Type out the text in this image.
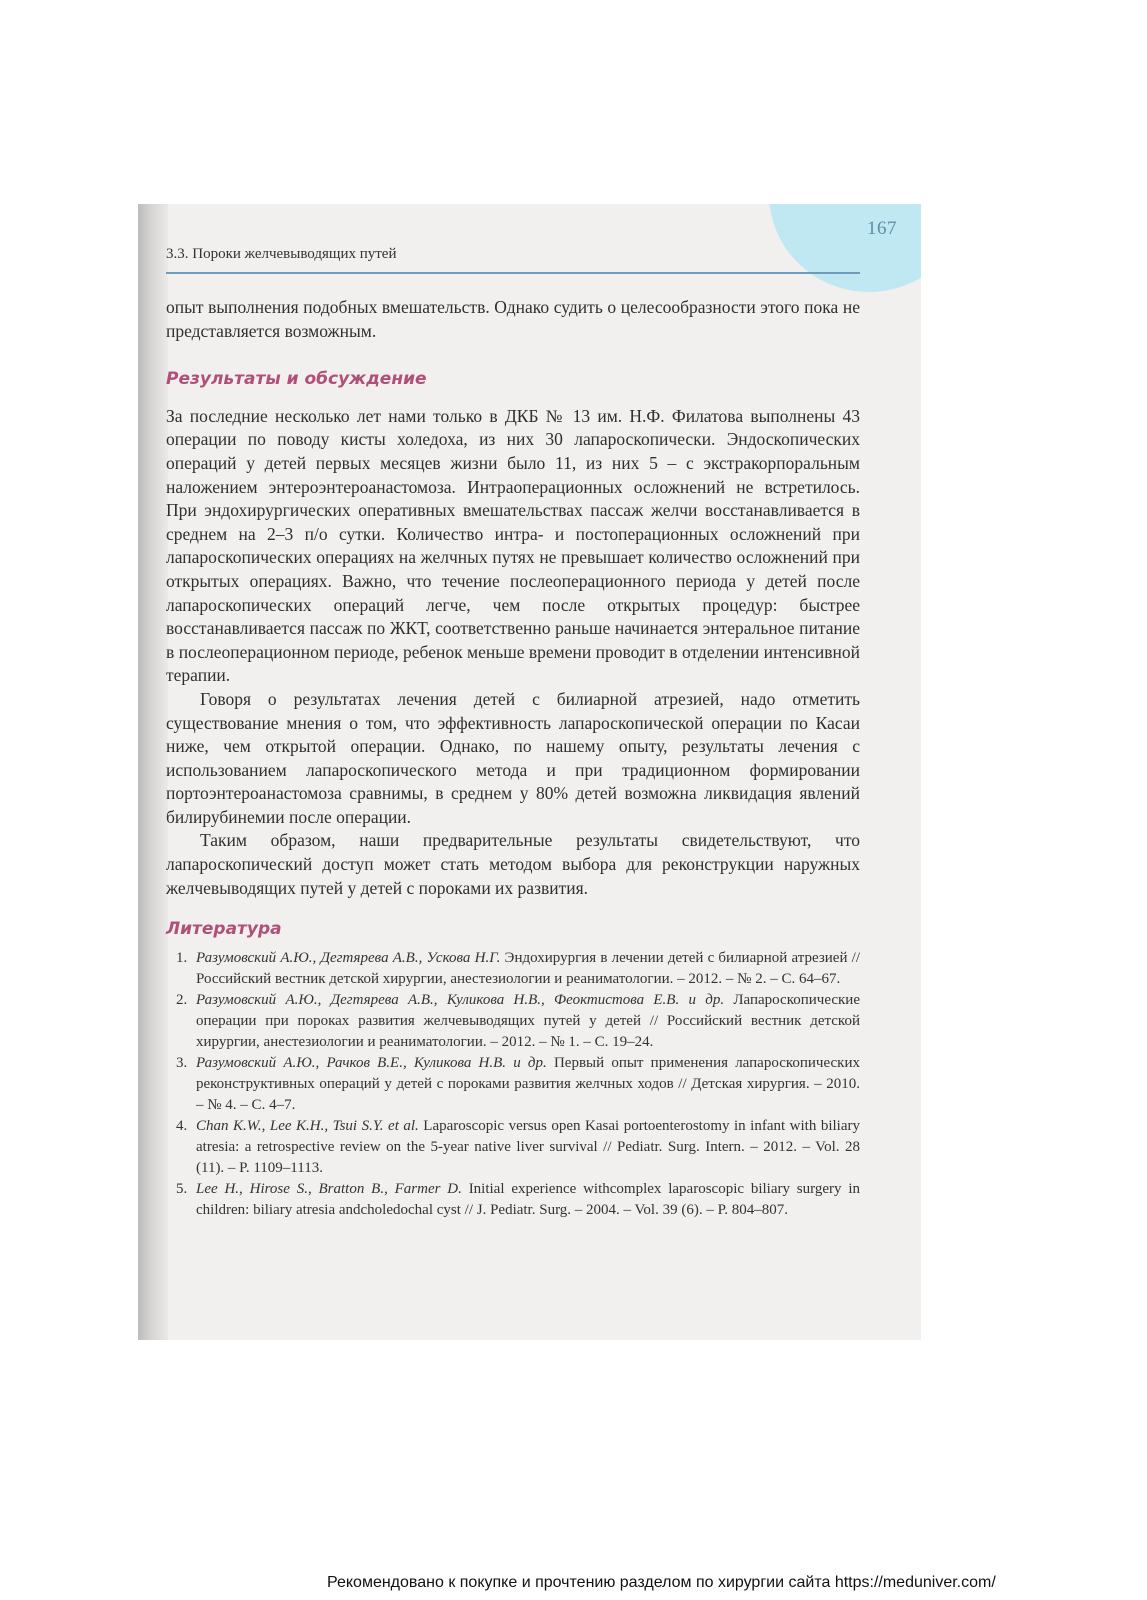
167
3.3. Пороки желчевыводящих путей

опыт выполнения подобных вмешательств. Однако судить о целесообразности этого пока не представляется возможным.

Результаты и обсуждение

За последние несколько лет нами только в ДКБ № 13 им. Н.Ф. Филатова выполнены 43 операции по поводу кисты холедоха, из них 30 лапароскопически. Эндоскопических операций у детей первых месяцев жизни было 11, из них 5 – с экстракорпоральным наложением энтероэнтероанастомоза. Интраоперационных осложнений не встретилось. При эндохирургических оперативных вмешательствах пассаж желчи восстанавливается в среднем на 2–3 п/о сутки. Количество интра- и постоперационных осложнений при лапароскопических операциях на желчных путях не превышает количество осложнений при открытых операциях. Важно, что течение послеоперационного периода у детей после лапароскопических операций легче, чем после открытых процедур: быстрее восстанавливается пассаж по ЖКТ, соответственно раньше начинается энтеральное питание в послеоперационном периоде, ребенок меньше времени проводит в отделении интенсивной терапии.

Говоря о результатах лечения детей с билиарной атрезией, надо отметить существование мнения о том, что эффективность лапароскопической операции по Касаи ниже, чем открытой операции. Однако, по нашему опыту, результаты лечения с использованием лапароскопического метода и при традиционном формировании портоэнтероанастомоза сравнимы, в среднем у 80% детей возможна ликвидация явлений билирубинемии после операции.

Таким образом, наши предварительные результаты свидетельствуют, что лапароскопический доступ может стать методом выбора для реконструкции наружных желчевыводящих путей у детей с пороками их развития.

Литература
1. Разумовский А.Ю., Дегтярева А.В., Ускова Н.Г. Эндохирургия в лечении детей с билиарной атрезией // Российский вестник детской хирургии, анестезиологии и реаниматологии. – 2012. – № 2. – С. 64–67.
2. Разумовский А.Ю., Дегтярева А.В., Куликова Н.В., Феоктистова Е.В. и др. Лапароскопические операции при пороках развития желчевыводящих путей у детей // Российский вестник детской хирургии, анестезиологии и реаниматологии. – 2012. – № 1. – С. 19–24.
3. Разумовский А.Ю., Рачков В.Е., Куликова Н.В. и др. Первый опыт применения лапароскопических реконструктивных операций у детей с пороками развития желчных ходов // Детская хирургия. – 2010. – № 4. – С. 4–7.
4. Chan K.W., Lee K.H., Tsui S.Y. et al. Laparoscopic versus open Kasai portoenterostomy in infant with biliary atresia: a retrospective review on the 5-year native liver survival // Pediatr. Surg. Intern. – 2012. – Vol. 28 (11). – P. 1109–1113.
5. Lee H., Hirose S., Bratton B., Farmer D. Initial experience withcomplex laparoscopic biliary surgery in children: biliary atresia andcholedochal cyst // J. Pediatr. Surg. – 2004. – Vol. 39 (6). – P. 804–807.
Рекомендовано к покупке и прочтению разделом по хирургии сайта https://meduniver.com/
